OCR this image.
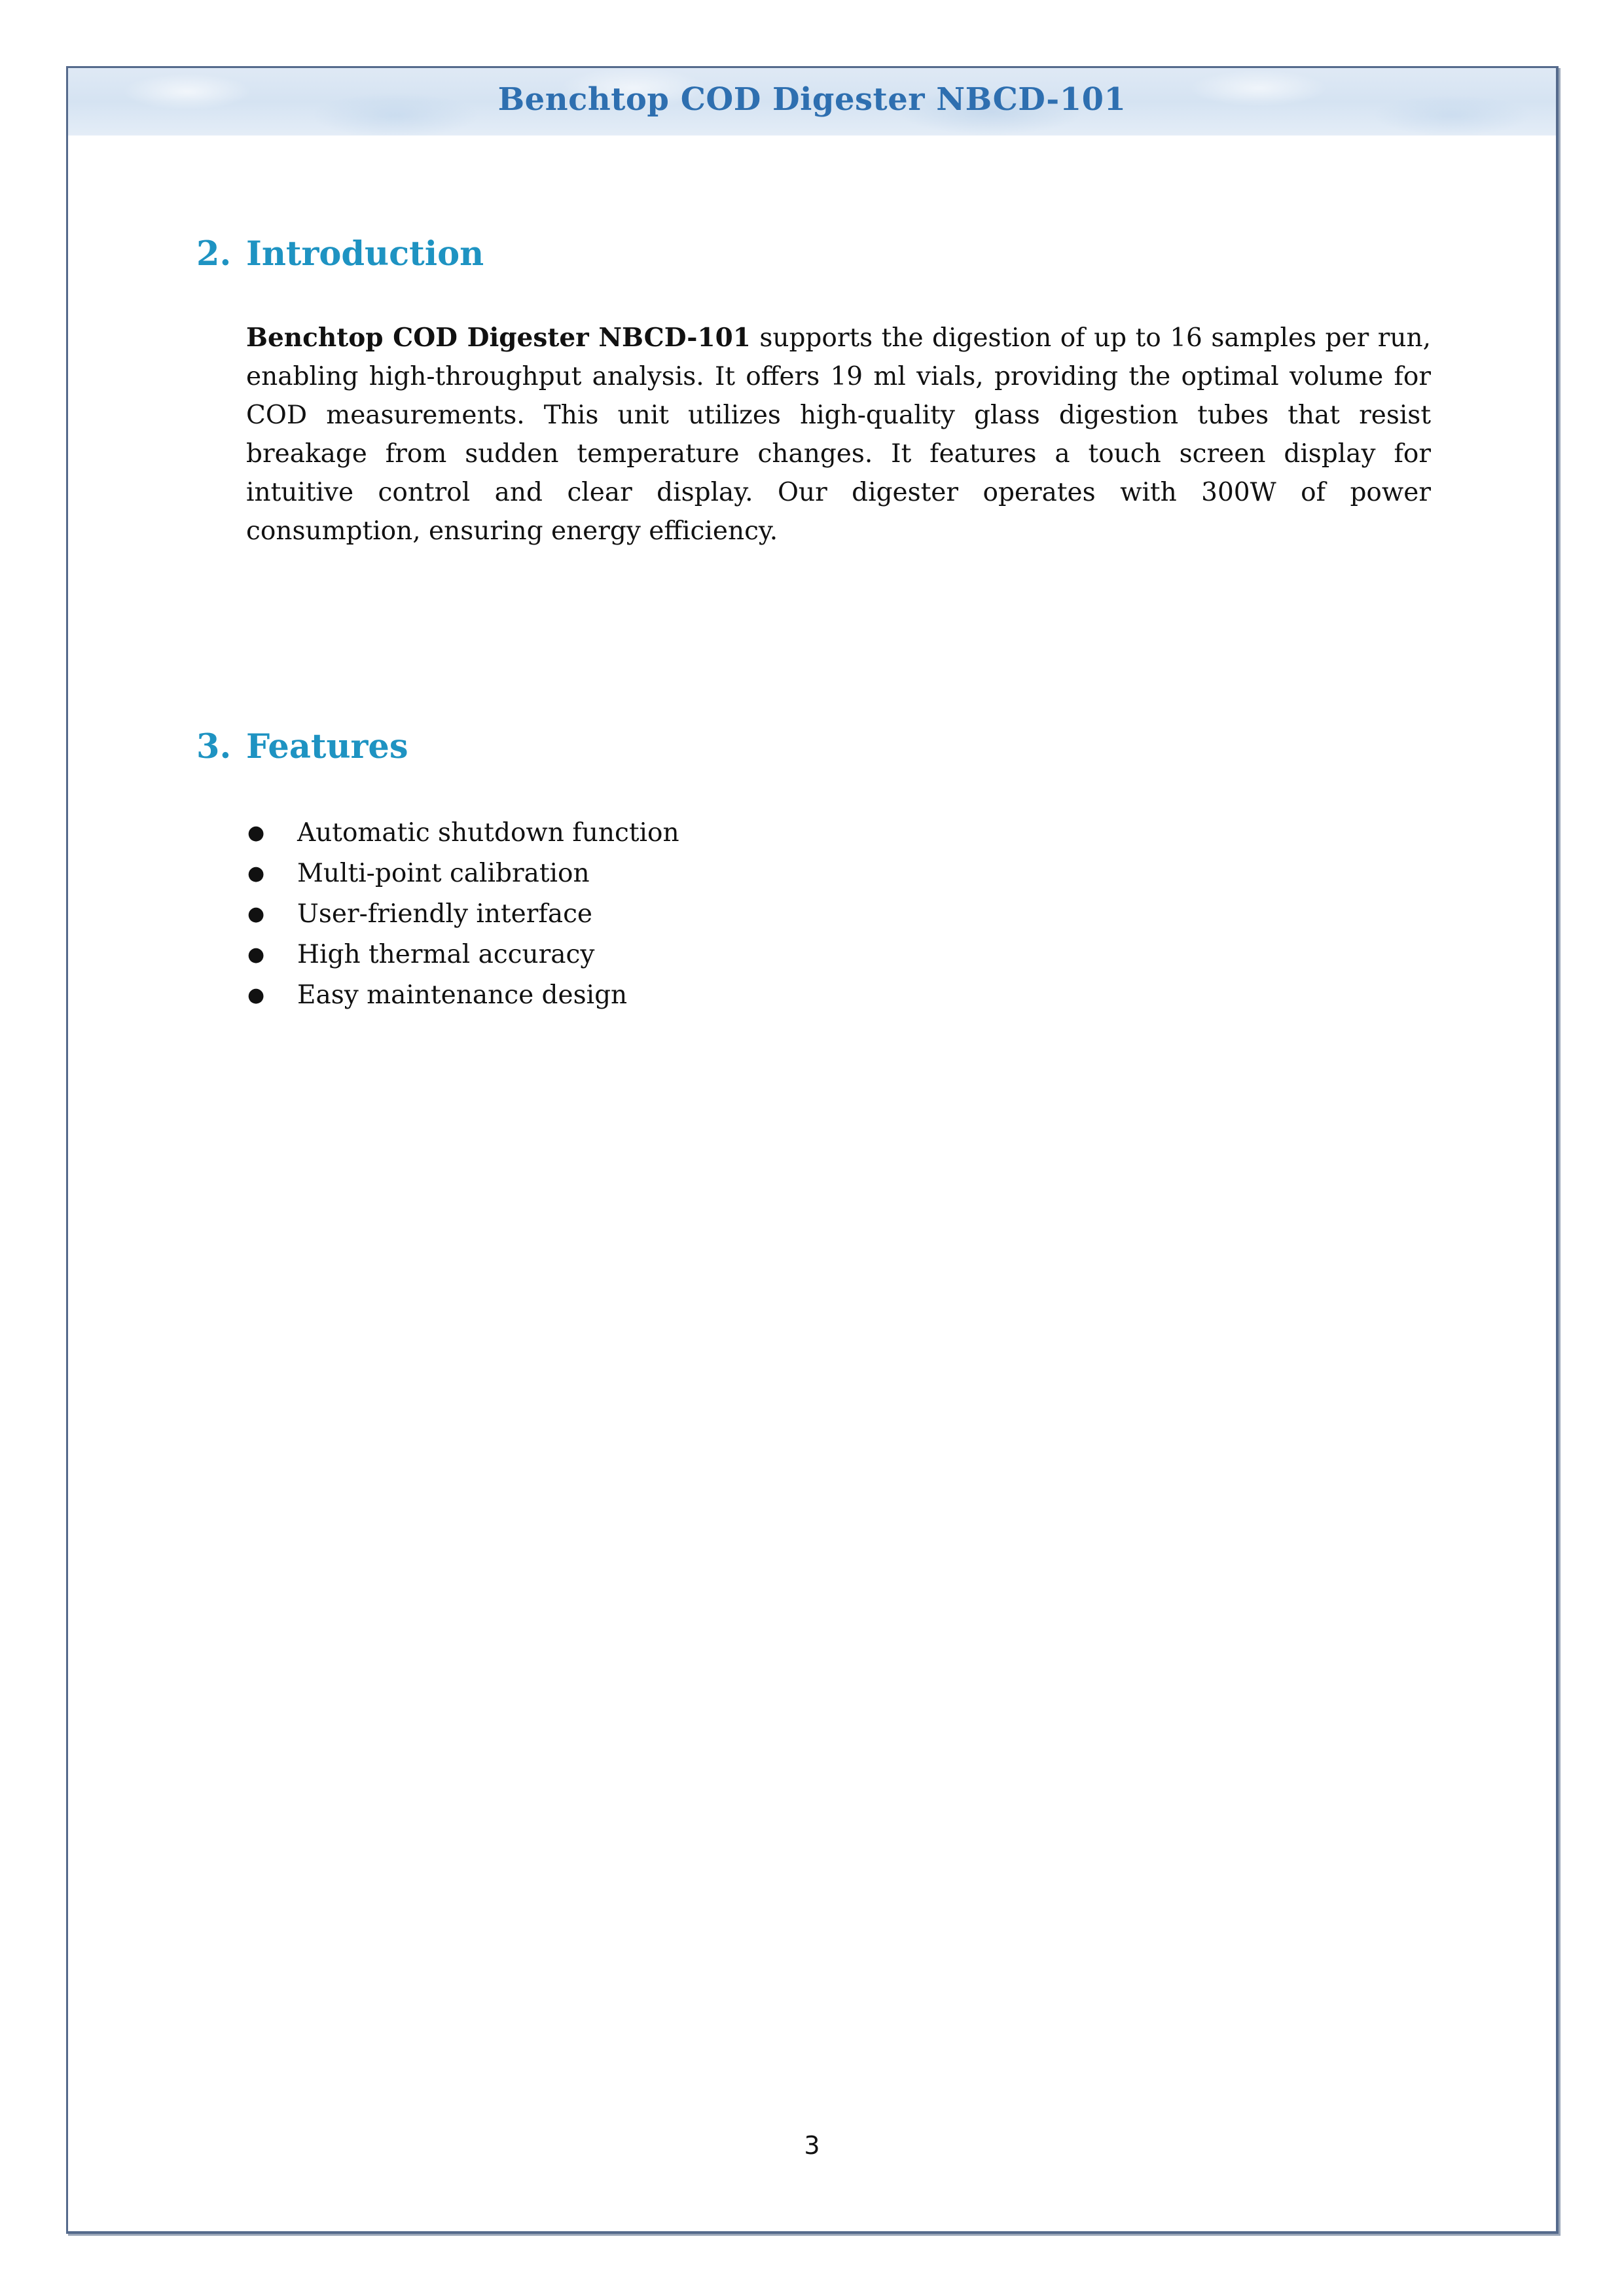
Benchtop COD Digester NBCD-101
2. Introduction

Benchtop COD Digester NBCD-101 supports the digestion of up to 16 samples per run, enabling high-throughput analysis. It offers 19 ml vials, providing the optimal volume for COD measurements. This unit utilizes high-quality glass digestion tubes that resist breakage from sudden temperature changes. It features a touch screen display for intuitive control and clear display. Our digester operates with 300W of power consumption, ensuring energy efficiency.

3. Features
●	Automatic shutdown function
●	Multi-point calibration
●	User-friendly interface
●	High thermal accuracy
●	Easy maintenance design
3
